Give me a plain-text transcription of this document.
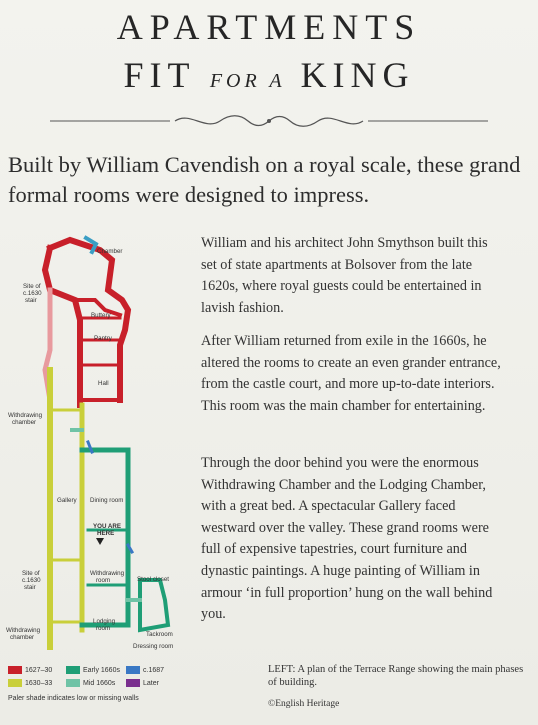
APARTMENTS
FIT FOR A KING
Built by William Cavendish on a royal scale, these grand formal rooms were designed to impress.
William and his architect John Smythson built this set of state apartments at Bolsover from the late 1620s, where royal guests could be entertained in lavish fashion.
After William returned from exile in the 1660s, he altered the rooms to create an even grander entrance, from the castle court, and more up-to-date interiors. This room was the main chamber for entertaining.
Through the door behind you were the enormous Withdrawing Chamber and the Lodging Chamber, with a great bed. A spectacular Gallery faced westward over the valley. These grand rooms were full of expensive tapestries, court furniture and dynastic paintings. A huge painting of William in armour ‘in full proportion’ hung on the wall behind you.
Chamber
Site of
c.1630
stair
Buttery
Pantry
Hall
Withdrawing
chamber
Gallery Dining room
YOU ARE
HERE
Site of
c.1630
stair
Withdrawing
room	Stool closet
Lodging
room
Withdrawing
chamber	Tackroom
Dressing room
1627–30	Early 1660s	c.1687
1630–33	Mid 1660s	Later
Paler shade indicates low or missing walls
LEFT: A plan of the Terrace Range showing the main phases of building.
©English Heritage
